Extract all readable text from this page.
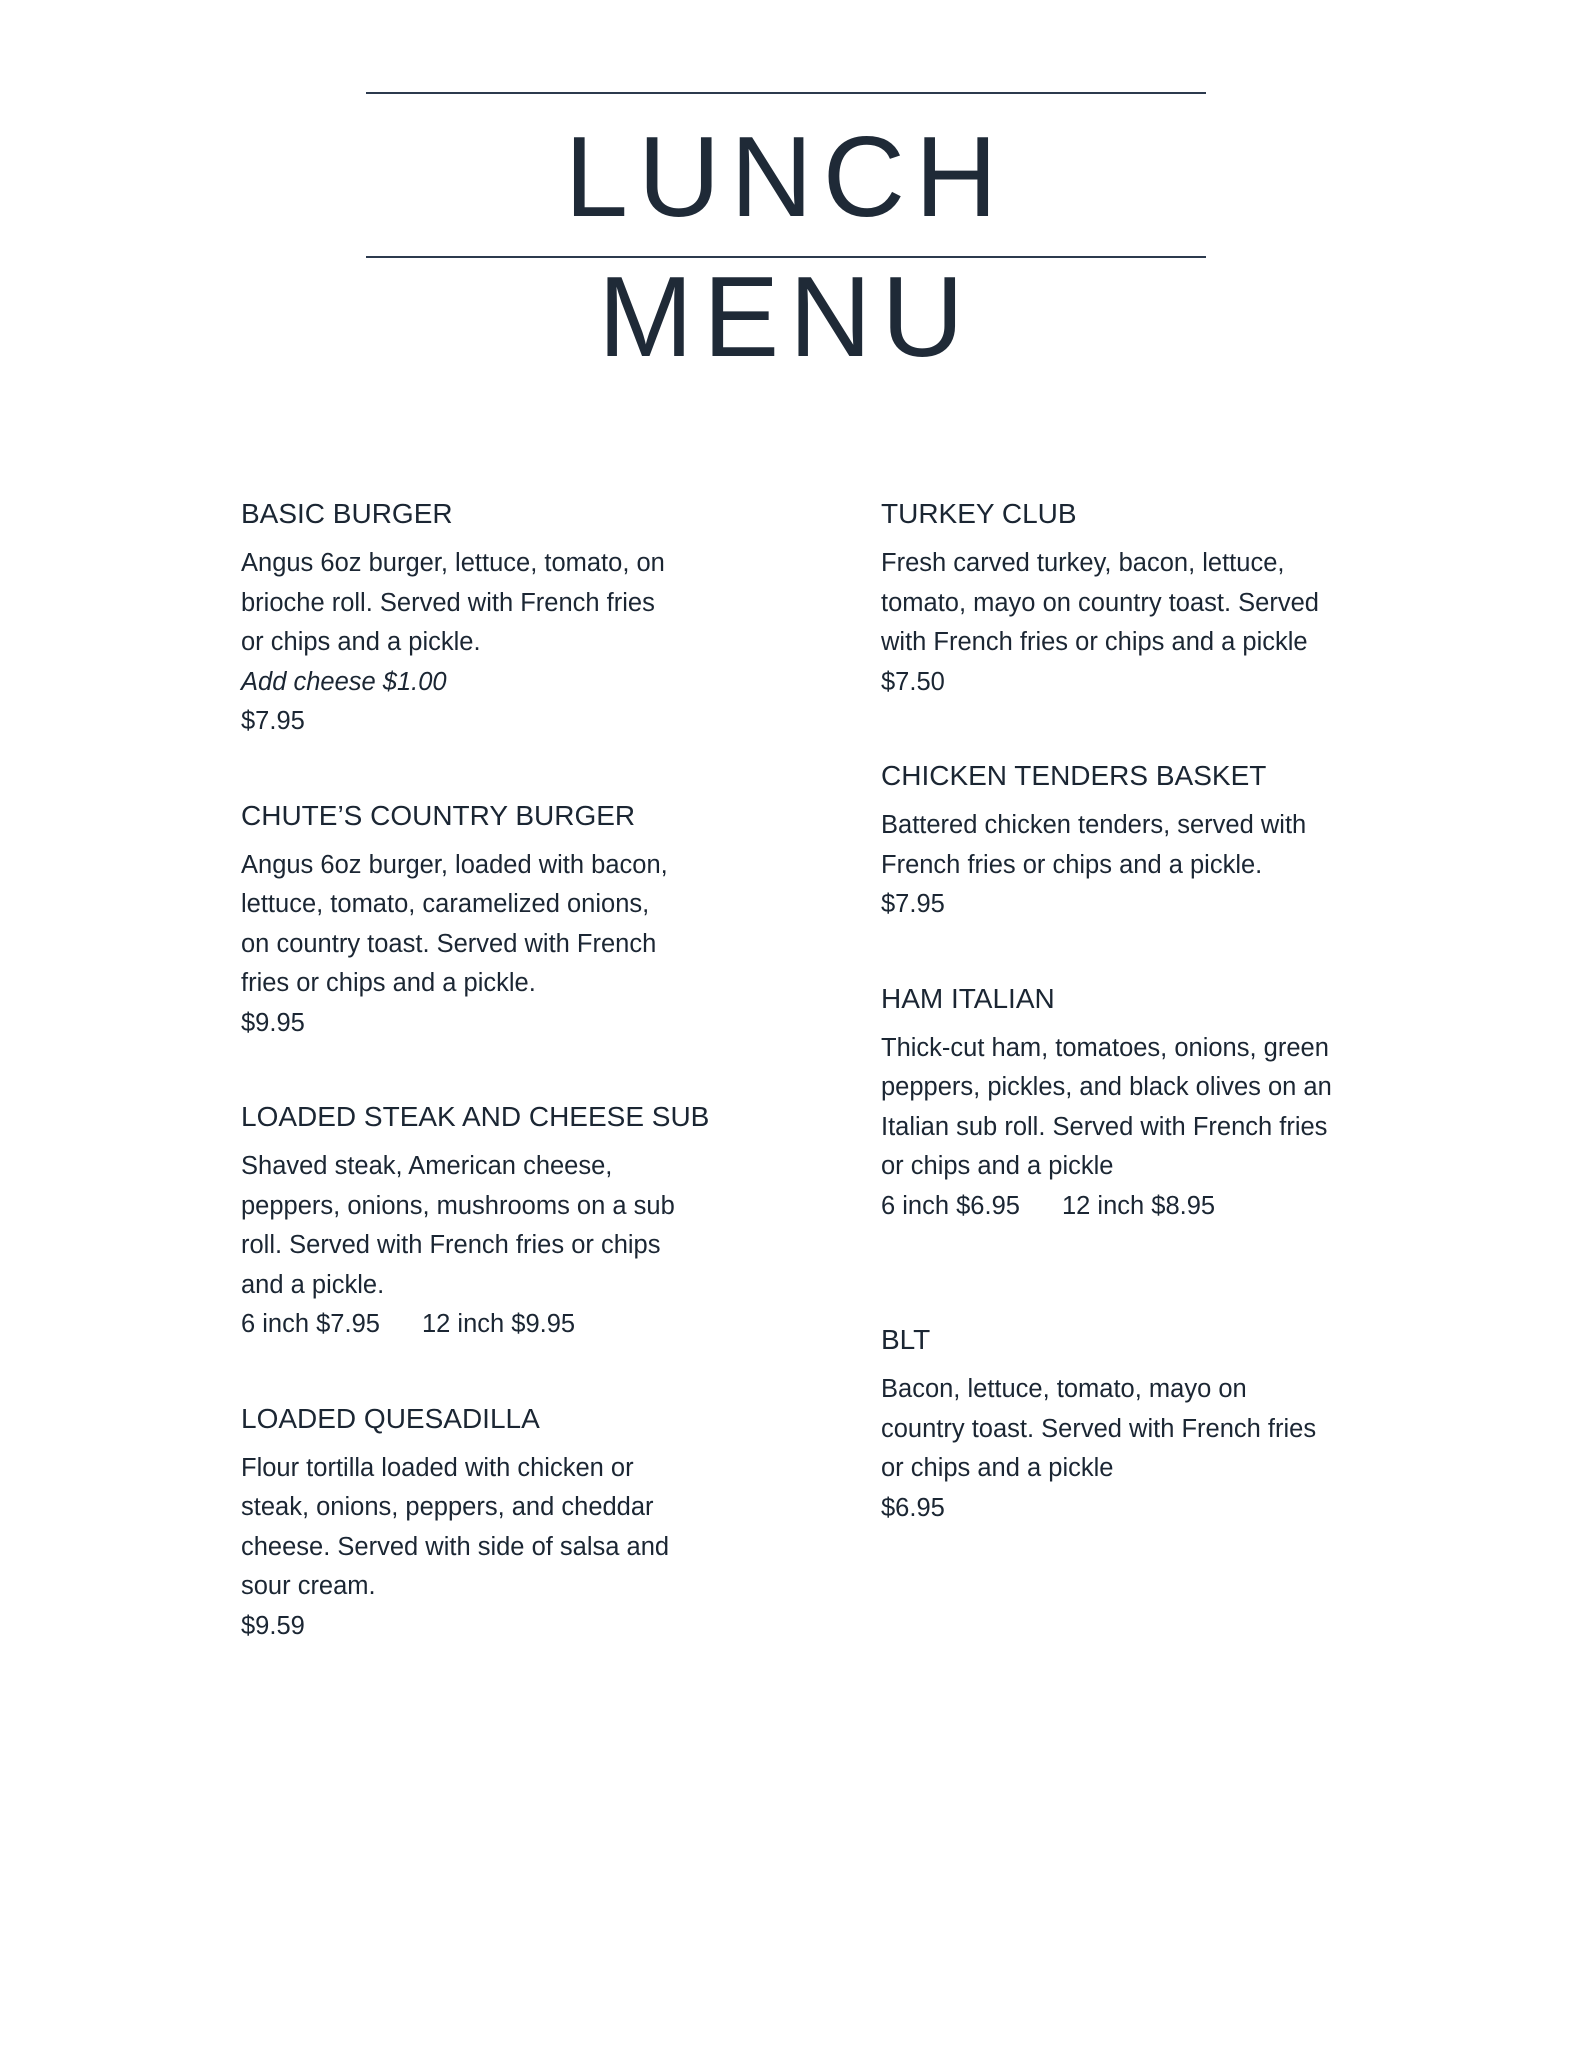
LUNCH MENU
BASIC BURGER

Angus 6oz burger, lettuce, tomato, on

brioche roll. Served with French fries

or chips and a pickle.

Add cheese $1.00

$7.95

CHUTE’S COUNTRY BURGER

Angus 6oz burger, loaded with bacon,

lettuce, tomato, caramelized onions,

on country toast. Served with French

fries or chips and a pickle.

$9.95

LOADED STEAK AND CHEESE SUB

Shaved steak, American cheese,

peppers, onions, mushrooms on a sub

roll. Served with French fries or chips

and a pickle.

6 inch $7.95 12 inch $9.95

LOADED QUESADILLA

Flour tortilla loaded with chicken or

steak, onions, peppers, and cheddar

cheese. Served with side of salsa and

sour cream.

$9.59

TURKEY CLUB

Fresh carved turkey, bacon, lettuce,

tomato, mayo on country toast. Served

with French fries or chips and a pickle

$7.50

CHICKEN TENDERS BASKET

Battered chicken tenders, served with

French fries or chips and a pickle.

$7.95

HAM ITALIAN

Thick-cut ham, tomatoes, onions, green

peppers, pickles, and black olives on an

Italian sub roll. Served with French fries

or chips and a pickle

6 inch $6.95 12 inch $8.95

BLT

Bacon, lettuce, tomato, mayo on

country toast. Served with French fries

or chips and a pickle

$6.95
